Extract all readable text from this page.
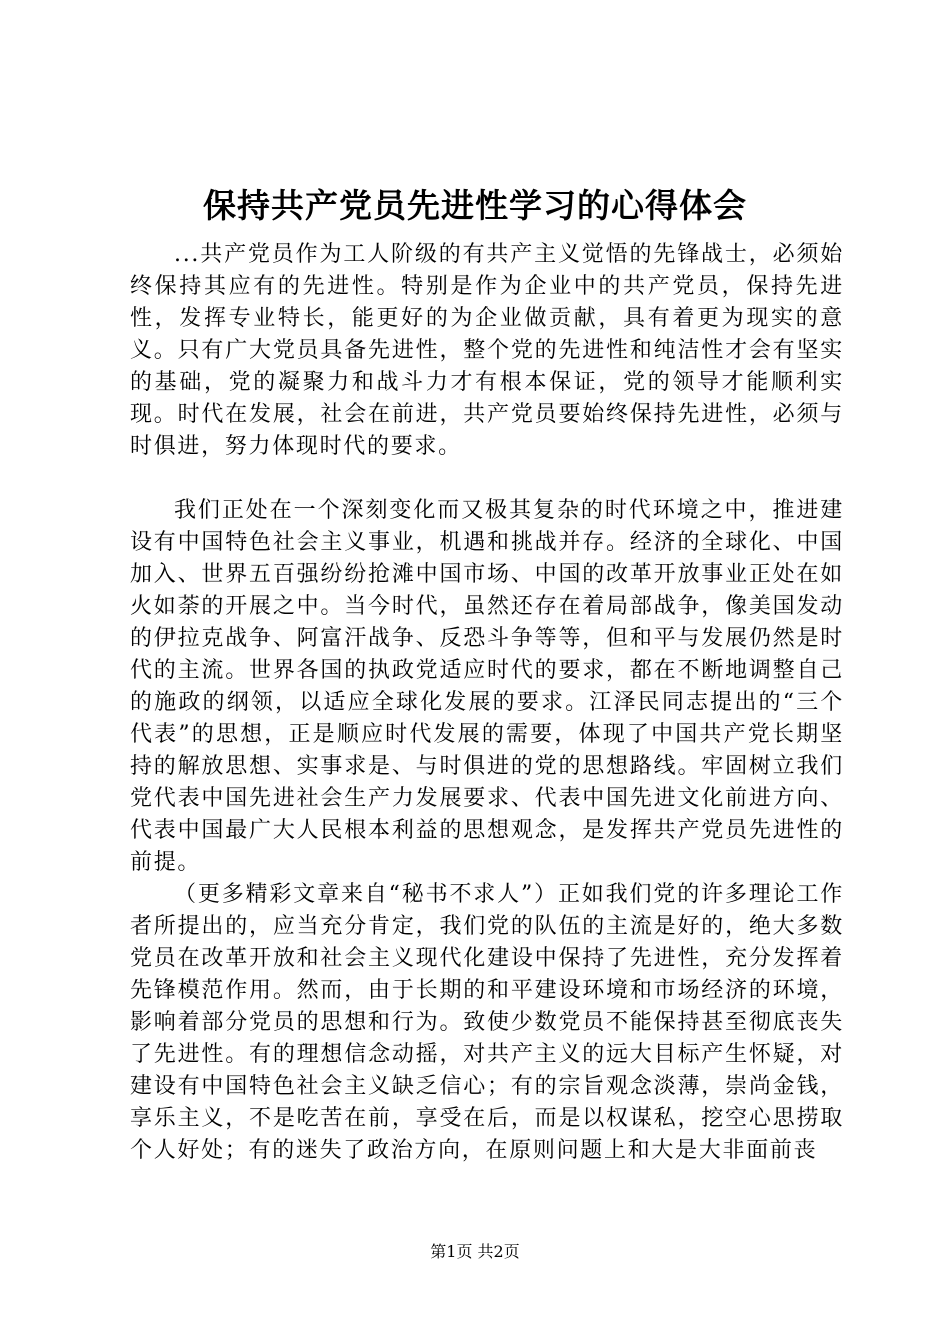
保持共产党员先进性学习的心得体会

...共产党员作为工人阶级的有共产主义觉悟的先锋战士，必须始终保持其应有的先进性。特别是作为企业中的共产党员，保持先进性，发挥专业特长，能更好的为企业做贡献，具有着更为现实的意义。只有广大党员具备先进性，整个党的先进性和纯洁性才会有坚实的基础，党的凝聚力和战斗力才有根本保证，党的领导才能顺利实现。时代在发展，社会在前进，共产党员要始终保持先进性，必须与时俱进，努力体现时代的要求。

我们正处在一个深刻变化而又极其复杂的时代环境之中，推进建设有中国特色社会主义事业，机遇和挑战并存。经济的全球化、中国加入、世界五百强纷纷抢滩中国市场、中国的改革开放事业正处在如火如荼的开展之中。当今时代，虽然还存在着局部战争，像美国发动的伊拉克战争、阿富汗战争、反恐斗争等等，但和平与发展仍然是时代的主流。世界各国的执政党适应时代的要求，都在不断地调整自己的施政的纲领，以适应全球化发展的要求。江泽民同志提出的“三个代表”的思想，正是顺应时代发展的需要，体现了中国共产党长期坚持的解放思想、实事求是、与时俱进的党的思想路线。牢固树立我们党代表中国先进社会生产力发展要求、代表中国先进文化前进方向、代表中国最广大人民根本利益的思想观念，是发挥共产党员先进性的前提。

（更多精彩文章来自“秘书不求人”）正如我们党的许多理论工作者所提出的，应当充分肯定，我们党的队伍的主流是好的，绝大多数党员在改革开放和社会主义现代化建设中保持了先进性，充分发挥着先锋模范作用。然而，由于长期的和平建设环境和市场经济的环境，影响着部分党员的思想和行为。致使少数党员不能保持甚至彻底丧失了先进性。有的理想信念动摇，对共产主义的远大目标产生怀疑，对建设有中国特色社会主义缺乏信心；有的宗旨观念淡薄，崇尚金钱，享乐主义，不是吃苦在前，享受在后，而是以权谋私，挖空心思捞取个人好处；有的迷失了政治方向，在原则问题上和大是大非面前丧

第1页 共2页
